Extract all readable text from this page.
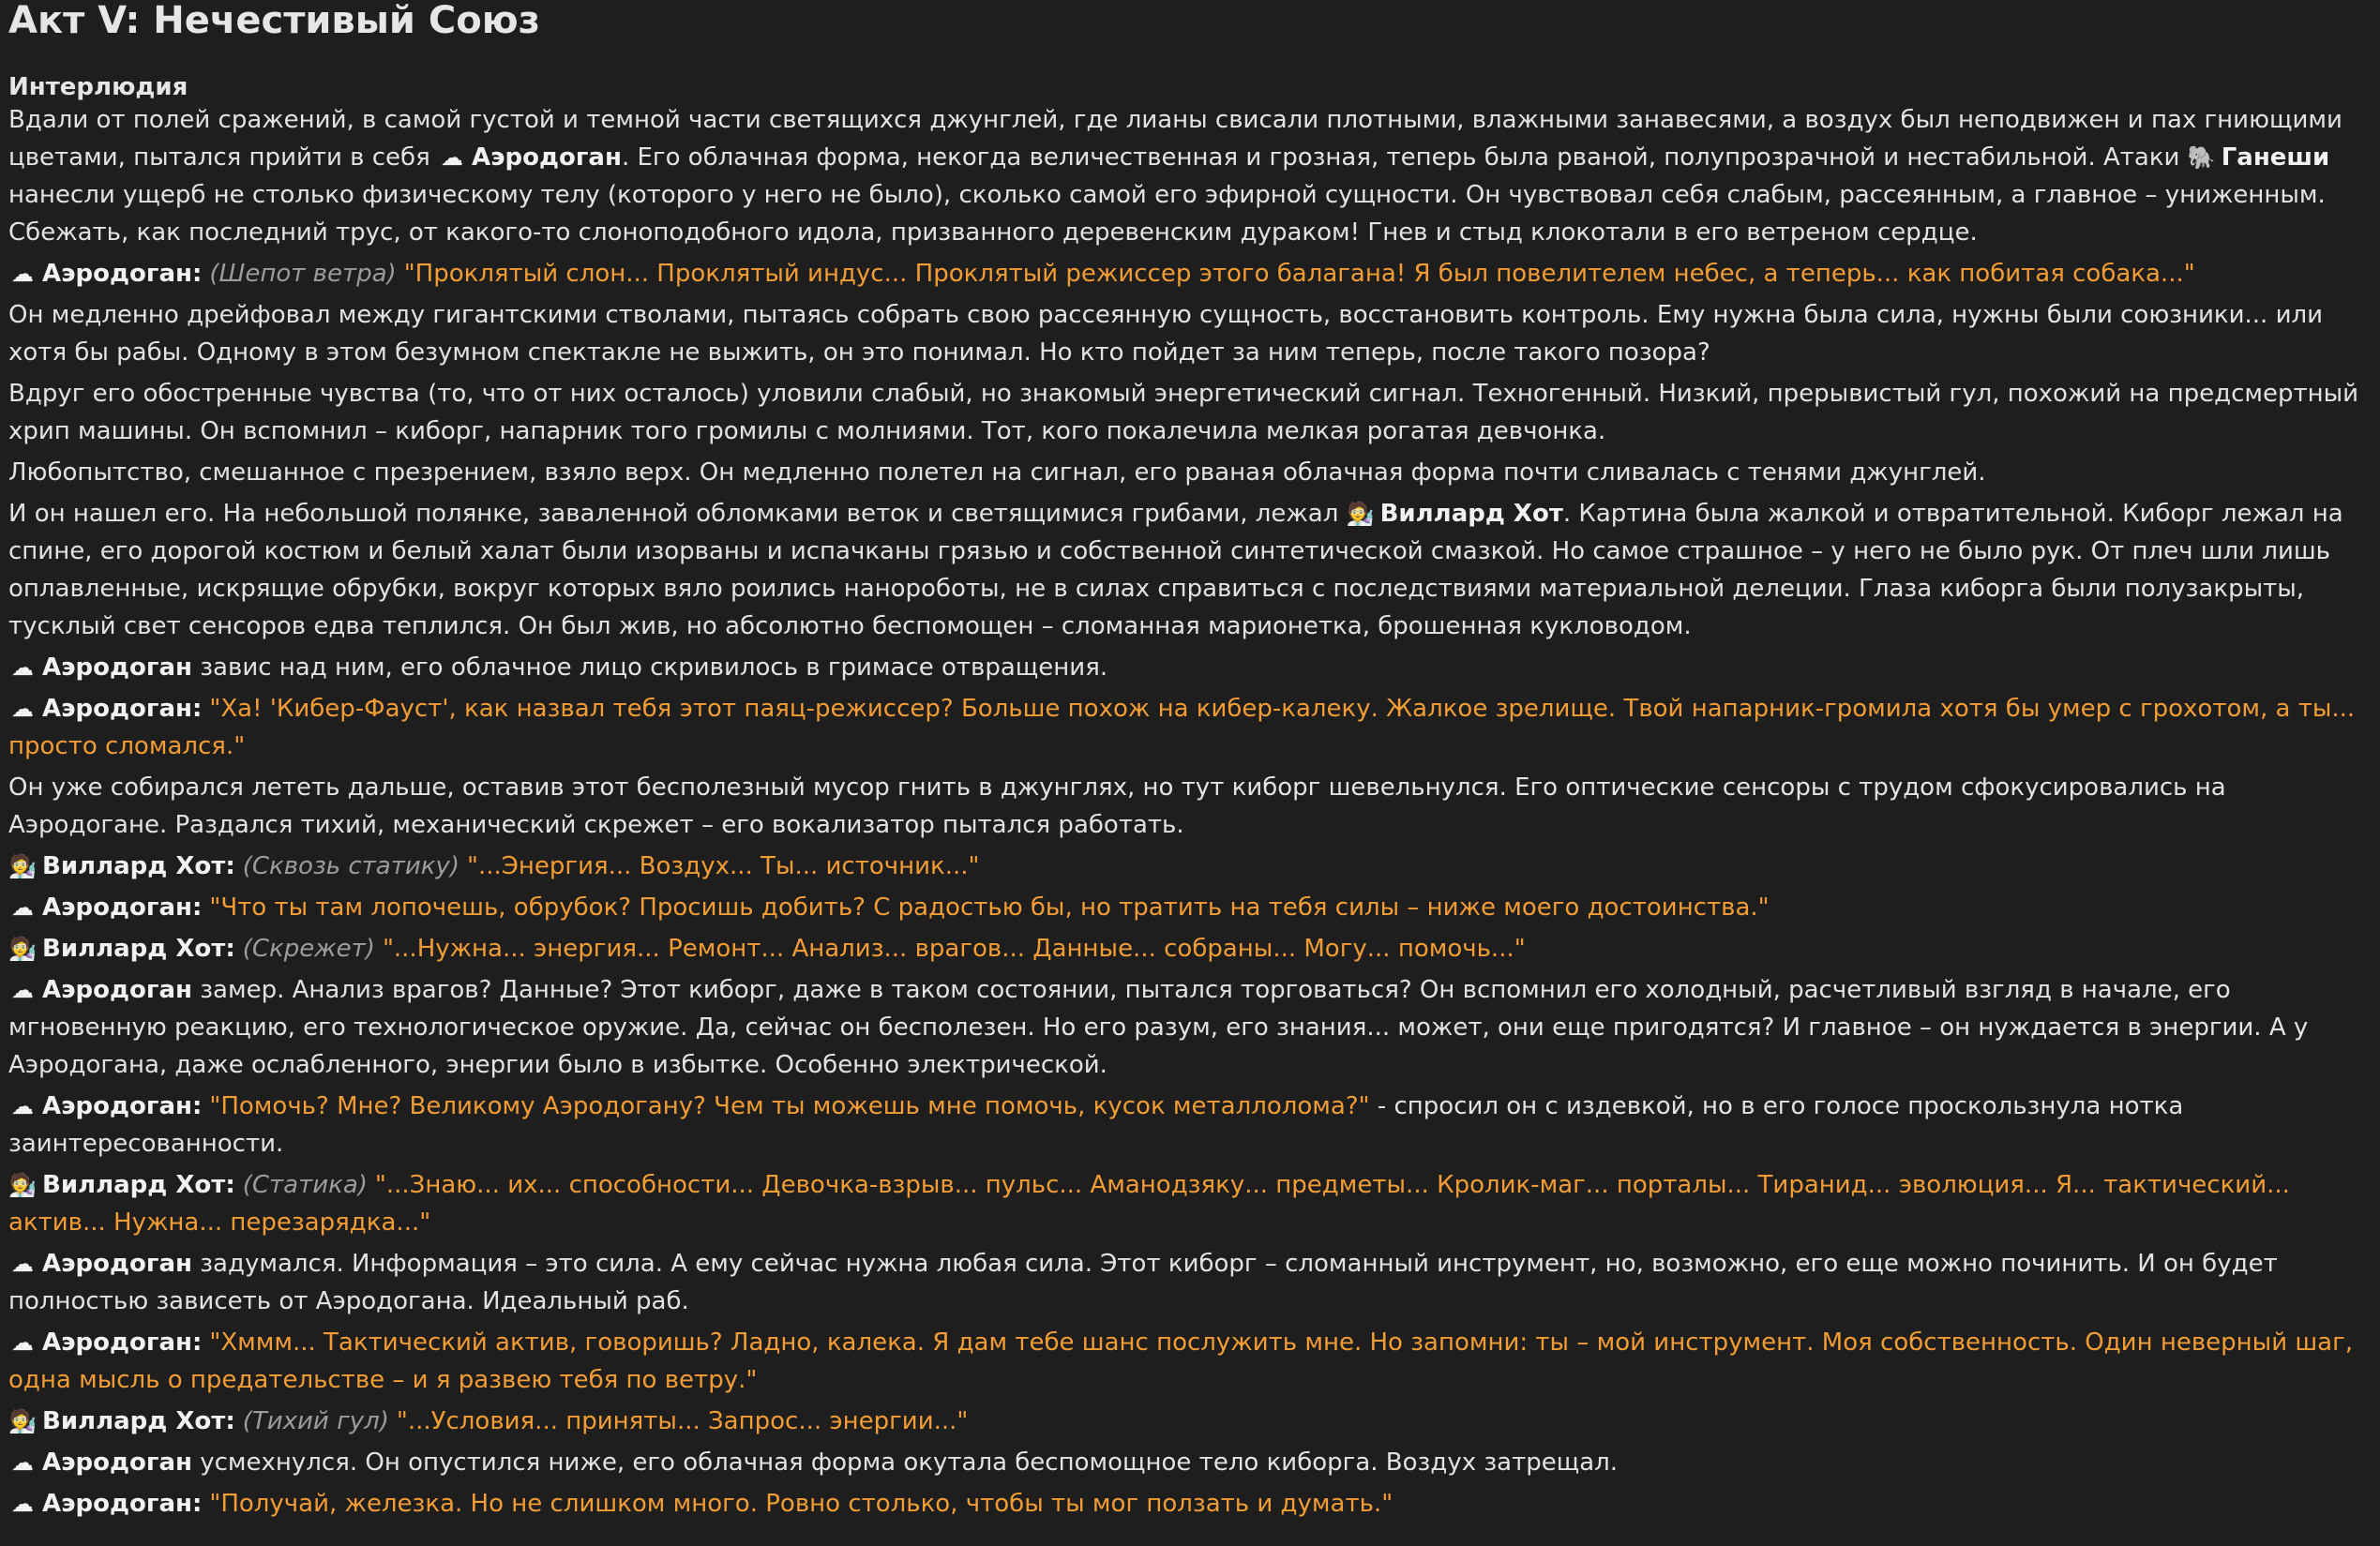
Акт V: Нечестивый Союз
Интерлюдия

Вдали от полей сражений, в самой густой и темной части светящихся джунглей, где лианы свисали плотными, влажными занавесями, а воздух был неподвижен и пах гниющими цветами, пытался прийти в себя ☁ Аэродоган. Его облачная форма, некогда величественная и грозная, теперь была рваной, полупрозрачной и нестабильной. Атаки 🐘 Ганеши нанесли ущерб не столько физическому телу (которого у него не было), сколько самой его эфирной сущности. Он чувствовал себя слабым, рассеянным, а главное – униженным. Сбежать, как последний трус, от какого-то слоноподобного идола, призванного деревенским дураком! Гнев и стыд клокотали в его ветреном сердце.

☁ Аэродоган: (Шепот ветра) "Проклятый слон... Проклятый индус... Проклятый режиссер этого балагана! Я был повелителем небес, а теперь... как побитая собака..."

Он медленно дрейфовал между гигантскими стволами, пытаясь собрать свою рассеянную сущность, восстановить контроль. Ему нужна была сила, нужны были союзники... или хотя бы рабы. Одному в этом безумном спектакле не выжить, он это понимал. Но кто пойдет за ним теперь, после такого позора?

Вдруг его обостренные чувства (то, что от них осталось) уловили слабый, но знакомый энергетический сигнал. Техногенный. Низкий, прерывистый гул, похожий на предсмертный хрип машины. Он вспомнил – киборг, напарник того громилы с молниями. Тот, кого покалечила мелкая рогатая девчонка.

Любопытство, смешанное с презрением, взяло верх. Он медленно полетел на сигнал, его рваная облачная форма почти сливалась с тенями джунглей.

И он нашел его. На небольшой полянке, заваленной обломками веток и светящимися грибами, лежал 🧑‍🔬 Виллард Хот. Картина была жалкой и отвратительной. Киборг лежал на спине, его дорогой костюм и белый халат были изорваны и испачканы грязью и собственной синтетической смазкой. Но самое страшное – у него не было рук. От плеч шли лишь оплавленные, искрящие обрубки, вокруг которых вяло роились нанороботы, не в силах справиться с последствиями материальной делеции. Глаза киборга были полузакрыты, тусклый свет сенсоров едва теплился. Он был жив, но абсолютно беспомощен – сломанная марионетка, брошенная кукловодом.

☁ Аэродоган завис над ним, его облачное лицо скривилось в гримасе отвращения.

☁ Аэродоган: "Ха! 'Кибер-Фауст', как назвал тебя этот паяц-режиссер? Больше похож на кибер-калеку. Жалкое зрелище. Твой напарник-громила хотя бы умер с грохотом, а ты... просто сломался."

Он уже собирался лететь дальше, оставив этот бесполезный мусор гнить в джунглях, но тут киборг шевельнулся. Его оптические сенсоры с трудом сфокусировались на Аэродогане. Раздался тихий, механический скрежет – его вокализатор пытался работать.

🧑‍🔬 Виллард Хот: (Сквозь статику) "...Энергия... Воздух... Ты... источник..."

☁ Аэродоган: "Что ты там лопочешь, обрубок? Просишь добить? С радостью бы, но тратить на тебя силы – ниже моего достоинства."

🧑‍🔬 Виллард Хот: (Скрежет) "...Нужна... энергия... Ремонт... Анализ... врагов... Данные... собраны... Могу... помочь..."

☁ Аэродоган замер. Анализ врагов? Данные? Этот киборг, даже в таком состоянии, пытался торговаться? Он вспомнил его холодный, расчетливый взгляд в начале, его мгновенную реакцию, его технологическое оружие. Да, сейчас он бесполезен. Но его разум, его знания... может, они еще пригодятся? И главное – он нуждается в энергии. А у Аэродогана, даже ослабленного, энергии было в избытке. Особенно электрической.

☁ Аэродоган: "Помочь? Мне? Великому Аэродогану? Чем ты можешь мне помочь, кусок металлолома?" - спросил он с издевкой, но в его голосе проскользнула нотка заинтересованности.

🧑‍🔬 Виллард Хот: (Статика) "...Знаю... их... способности... Девочка-взрыв... пульс... Аманодзяку... предметы... Кролик-маг... порталы... Тиранид... эволюция... Я... тактический... актив... Нужна... перезарядка..."

☁ Аэродоган задумался. Информация – это сила. А ему сейчас нужна любая сила. Этот киборг – сломанный инструмент, но, возможно, его еще можно починить. И он будет полностью зависеть от Аэродогана. Идеальный раб.

☁ Аэродоган: "Хммм... Тактический актив, говоришь? Ладно, калека. Я дам тебе шанс послужить мне. Но запомни: ты – мой инструмент. Моя собственность. Один неверный шаг, одна мысль о предательстве – и я развею тебя по ветру."

🧑‍🔬 Виллард Хот: (Тихий гул) "...Условия... приняты... Запрос... энергии..."

☁ Аэродоган усмехнулся. Он опустился ниже, его облачная форма окутала беспомощное тело киборга. Воздух затрещал.

☁ Аэродоган: "Получай, железка. Но не слишком много. Ровно столько, чтобы ты мог ползать и думать."
